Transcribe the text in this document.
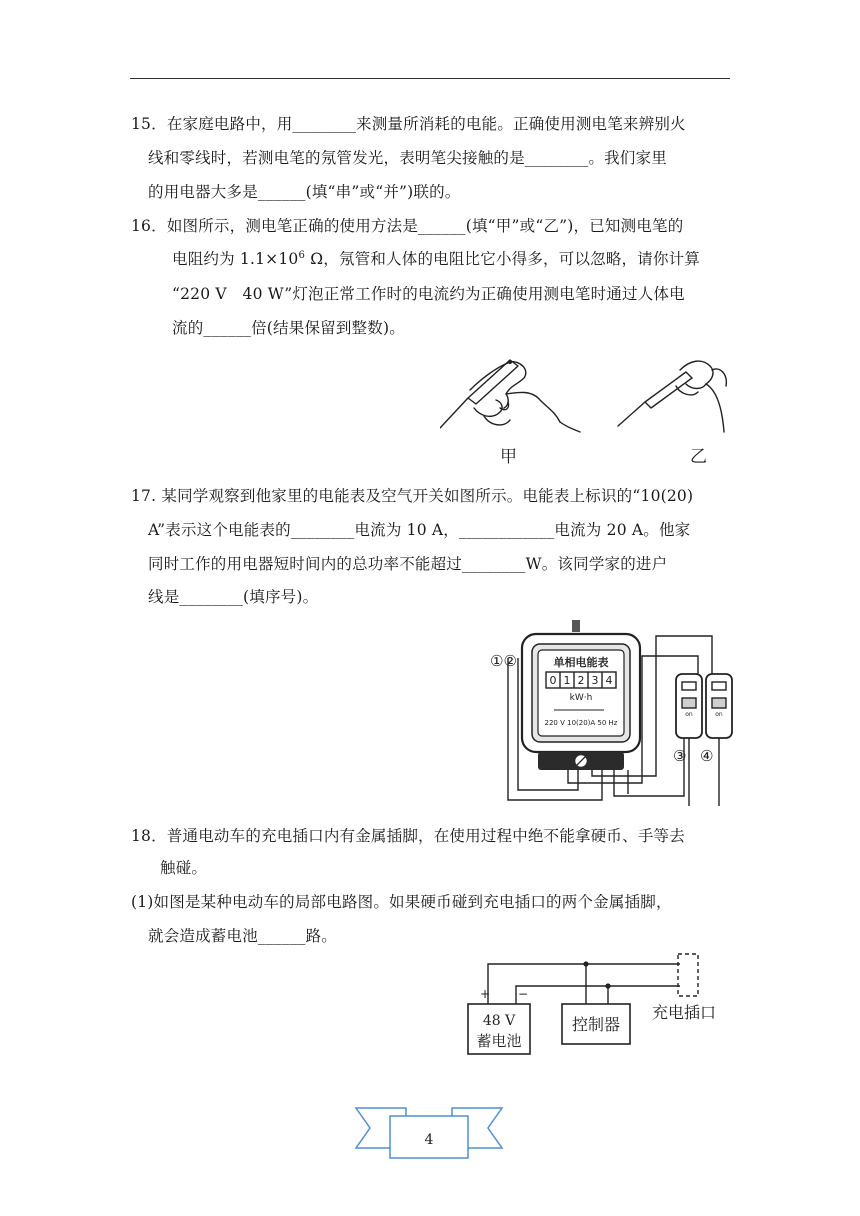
15．在家庭电路中，用________来测量所消耗的电能。正确使用测电笔来辨别火
线和零线时，若测电笔的氖管发光，表明笔尖接触的是________。我们家里
的用电器大多是______(填“串”或“并”)联的。
16．如图所示，测电笔正确的使用方法是______(填“甲”或“乙”)，已知测电笔的
电阻约为 $1.1\times 10^6$ Ω，氖管和人体的电阻比它小得多，可以忽略，请你计算
“220 V　40 W”灯泡正常工作时的电流约为正确使用测电笔时通过人体电
流的______倍(结果保留到整数)。
甲	乙
17. 某同学观察到他家里的电能表及空气开关如图所示。电能表上标识的“10(20)
A”表示这个电能表的________电流为 10 A，____________电流为 20 A。他家
同时工作的用电器短时间内的总功率不能超过________W。该同学家的进户
线是________(填序号)。
①②	单相电能表
0 1 2 3 4
kW·h
220 V 10(20)A 50 Hz
on	on
③ ④
18．普通电动车的充电插口内有金属插脚，在使用过程中绝不能拿硬币、手等去
触碰。
(1)如图是某种电动车的局部电路图。如果硬币碰到充电插口的两个金属插脚，
就会造成蓄电池______路。
+ −
48 V
蓄电池
控制器
充电插口
4
